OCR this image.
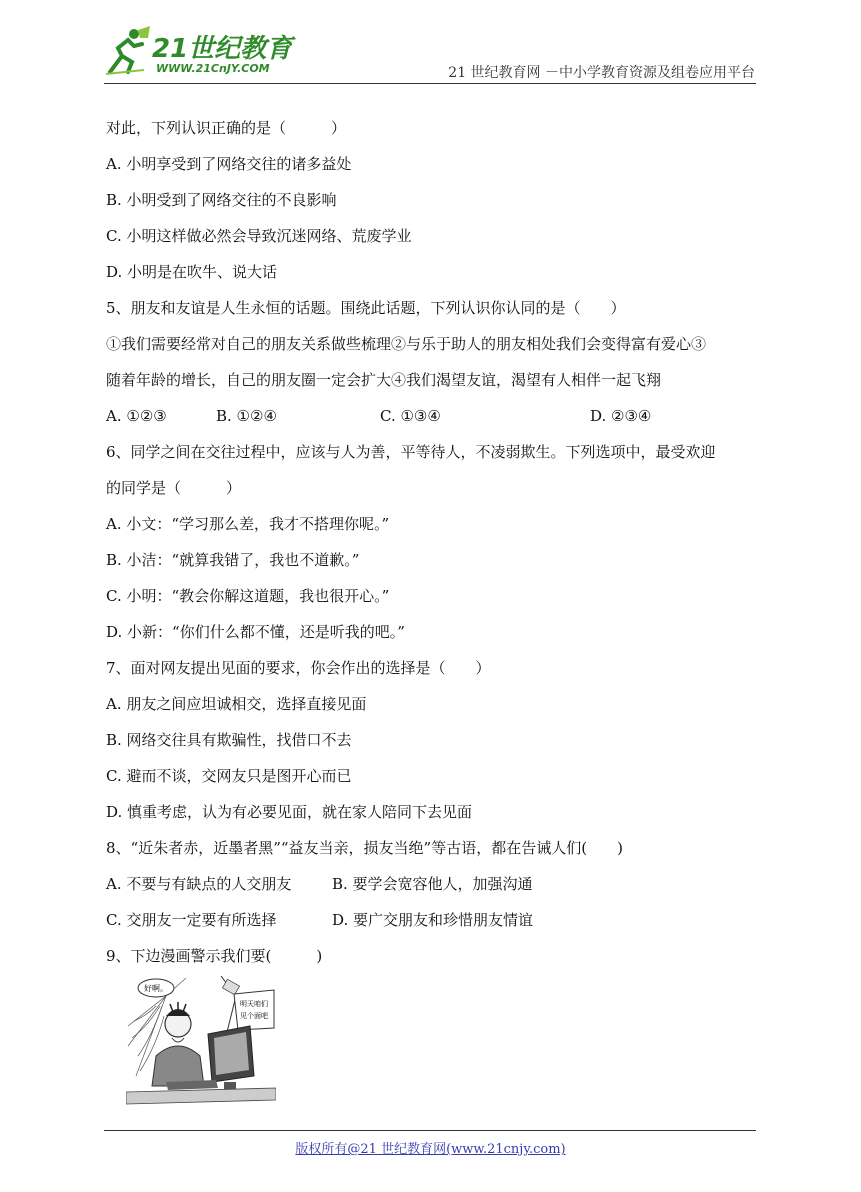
21世纪教育
WWW.21CnJY.COM	21 世纪教育网 －中小学教育资源及组卷应用平台
对此，下列认识正确的是（　　　）
A. 小明享受到了网络交往的诸多益处
B. 小明受到了网络交往的不良影响
C. 小明这样做必然会导致沉迷网络、荒废学业
D. 小明是在吹牛、说大话
5、朋友和友谊是人生永恒的话题。围绕此话题，下列认识你认同的是（　　）
①我们需要经常对自己的朋友关系做些梳理②与乐于助人的朋友相处我们会变得富有爱心③
随着年龄的增长，自己的朋友圈一定会扩大④我们渴望友谊，渴望有人相伴一起飞翔
A. ①②③	B. ①②④	C. ①③④	D. ②③④
6、同学之间在交往过程中，应该与人为善，平等待人，不凌弱欺生。下列选项中，最受欢迎
的同学是（　　　）
A. 小文：“学习那么差，我才不搭理你呢。”
B. 小洁：“就算我错了，我也不道歉。”
C. 小明：“教会你解这道题，我也很开心。”
D. 小新：“你们什么都不懂，还是听我的吧。”
7、面对网友提出见面的要求，你会作出的选择是（　　）
A. 朋友之间应坦诚相交，选择直接见面
B. 网络交往具有欺骗性，找借口不去
C. 避而不谈，交网友只是图开心而已
D. 慎重考虑，认为有必要见面，就在家人陪同下去见面
8、“近朱者赤，近墨者黑”“益友当亲，损友当绝”等古语，都在告诫人们(　　)
A. 不要与有缺点的人交朋友	B. 要学会宽容他人，加强沟通
C. 交朋友一定要有所选择	D. 要广交朋友和珍惜朋友情谊
9、下边漫画警示我们要(　　　)
好啊。
明天咱们
见个面吧
版权所有@21 世纪教育网(www.21cnjy.com)
